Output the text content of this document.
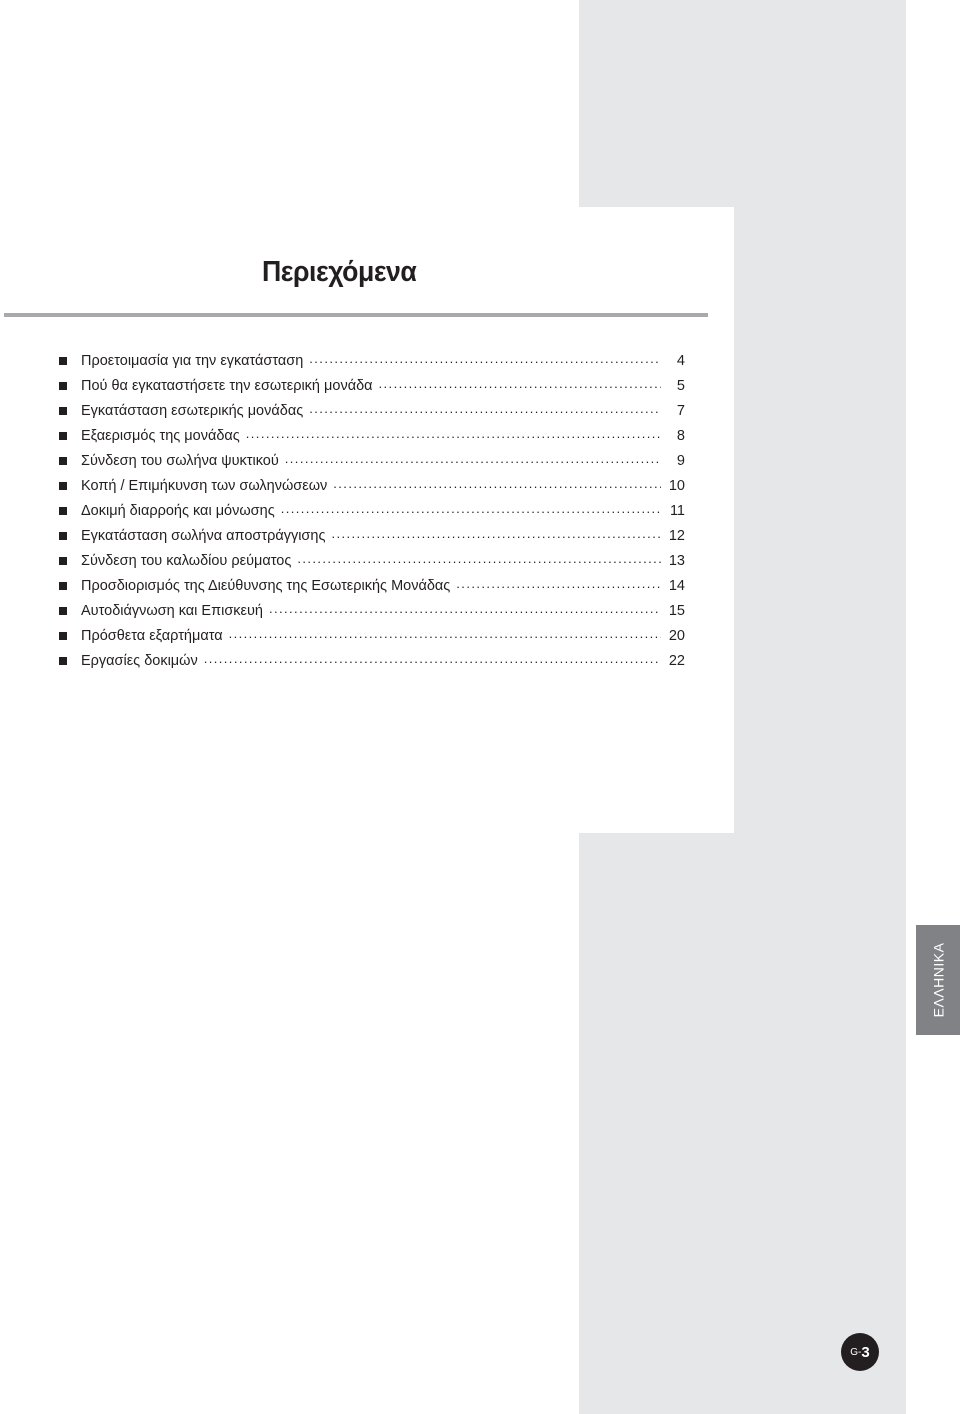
Περιεχόμενα
Προετοιμασία για την εγκατάσταση .....	4
Πού θα εγκαταστήσετε την εσωτερική μονάδα .....	5
Εγκατάσταση εσωτερικής μονάδας .....	7
Εξαερισμός της μονάδας .....	8
Σύνδεση του σωλήνα ψυκτικού .....	9
Κοπή / Επιμήκυνση των σωληνώσεων .....	10
Δοκιμή διαρροής και μόνωσης .....	11
Εγκατάσταση σωλήνα αποστράγγισης .....	12
Σύνδεση του καλωδίου ρεύματος .....	13
Προσδιορισμός της Διεύθυνσης της Εσωτερικής Μονάδας .....	14
Αυτοδιάγνωση και Επισκευή .....	15
Πρόσθετα εξαρτήματα .....	20
Εργασίες δοκιμών .....	22
ΕΛΛΗΝΙΚΑ
G- 3
